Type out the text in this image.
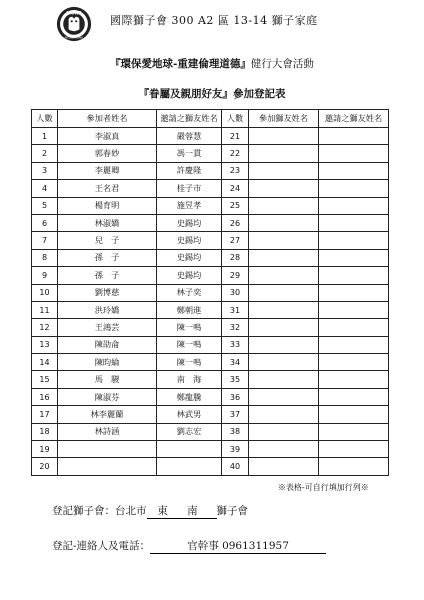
LIONS
INTERNATIONAL
國際獅子會 300 A2 區 13-14 獅子家庭
『環保愛地球-重建倫理道德』健行大會活動
『眷屬及親朋好友』參加登記表
人數	參加者姓名	邀請之獅友姓名	人數	參加獅友姓名	邀請之獅友姓名
1	李淑真	嚴蓉慧	21		
2	郭春妙	馮一貫	22		
3	李麗卿	許慶隆	23		
4	王名君	桂子市	24		
5	楊育明	施昱孝	25		
6	林淑嬌	史錫均	26		
7	兒　子	史錫均	27		
8	孫　子	史錫均	28		
9	孫　子	史錫均	29		
10	劉博慈	林子奕	30		
11	洪玲嬌	鄭朝進	31		
12	王鴻芸	陳一鳴	32		
13	陳劭侖	陳一鳴	33		
14	陳昀綸	陳一鳴	34		
15	馬　騣	南　海	35		
16	陳淑芬	鄭龍騰	36		
17	林李麗蘭	林武男	37		
18	林詩涵	劉志宏	38		
19			39		
20			40		
※表格-可自行填加行列※
登記獅子會：台北市 東 南 獅子會
登記-連絡人及電話：	官幹事 0961311957
